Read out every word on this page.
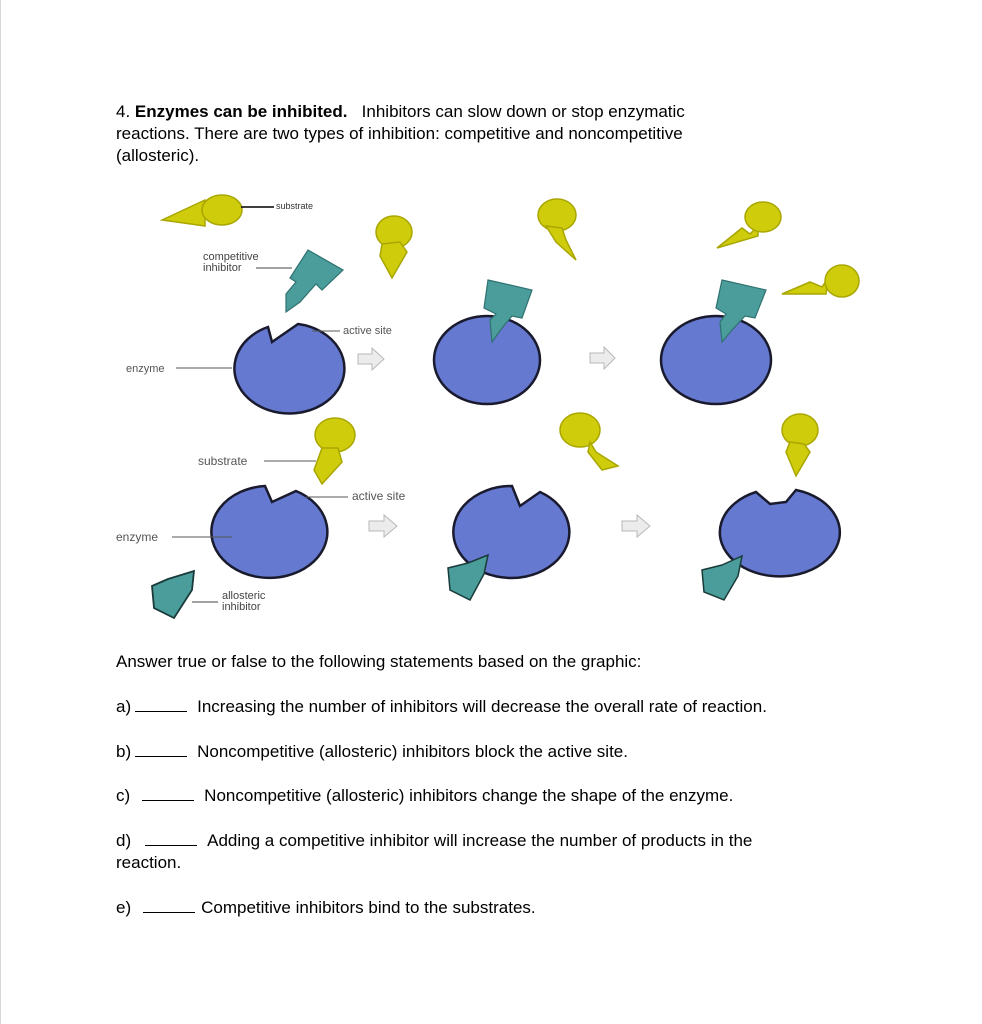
4. Enzymes can be inhibited. Inhibitors can slow down or stop enzymatic
reactions. There are two types of inhibition: competitive and noncompetitive
(allosteric).
substrate
competitive
inhibitor
active site
enzyme
substrate
active site
enzyme
allosteric
inhibitor
Answer true or false to the following statements based on the graphic:
a)	Increasing the number of inhibitors will decrease the overall rate of reaction.
b)	Noncompetitive (allosteric) inhibitors block the active site.
c)	Noncompetitive (allosteric) inhibitors change the shape of the enzyme.
d)	Adding a competitive inhibitor will increase the number of products in the
reaction.
e)	Competitive inhibitors bind to the substrates.
